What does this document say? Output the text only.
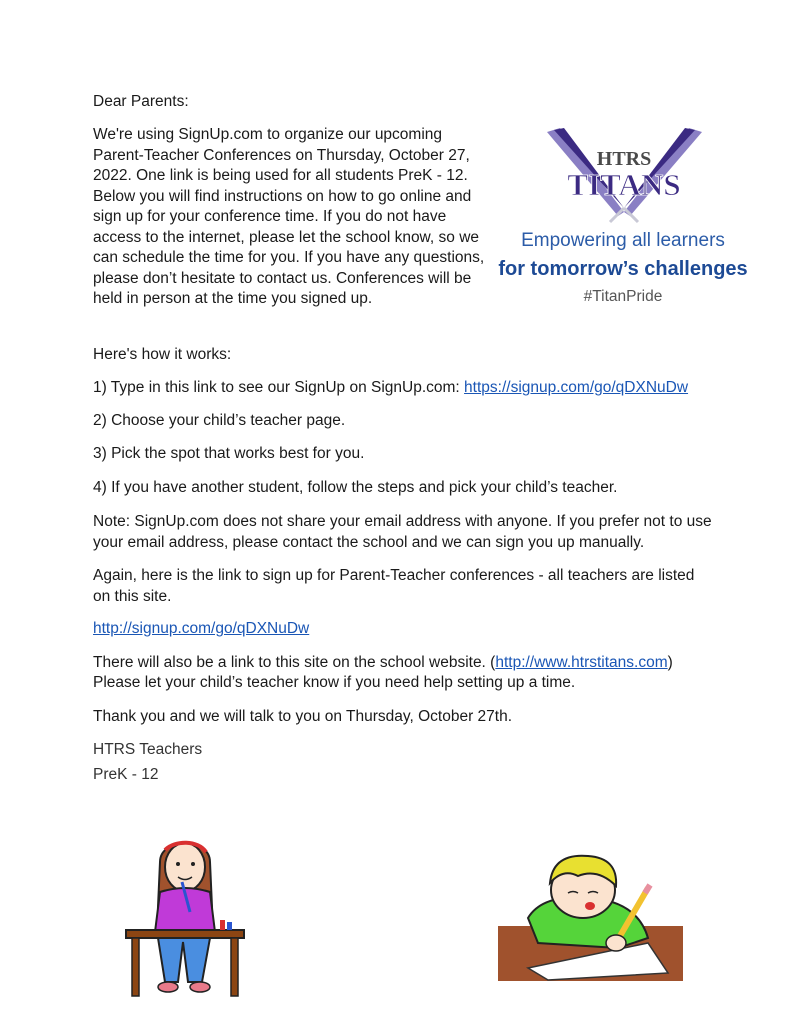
Dear Parents:

We're using SignUp.com to organize our upcoming Parent-Teacher Conferences on Thursday, October 27, 2022. One link is being used for all students PreK - 12. Below you will find instructions on how to go online and sign up for your conference time. If you do not have access to the internet, please let the school know, so we can schedule the time for you. If you have any questions, please don’t hesitate to contact us. Conferences will be held in person at the time you signed up.

HTRS
TITANS

Empowering all learners

for tomorrow’s challenges

#TitanPride

Here's how it works:

1) Type in this link to see our SignUp on SignUp.com: https://signup.com/go/qDXNuDw

2) Choose your child’s teacher page.

3) Pick the spot that works best for you.

4) If you have another student, follow the steps and pick your child’s teacher.

Note: SignUp.com does not share your email address with anyone. If you prefer not to use your email address, please contact the school and we can sign you up manually.

Again, here is the link to sign up for Parent-Teacher conferences - all teachers are listed on this site.

http://signup.com/go/qDXNuDw

There will also be a link to this site on the school website. (http://www.htrstitans.com)

Please let your child’s teacher know if you need help setting up a time.

Thank you and we will talk to you on Thursday, October 27th.

HTRS Teachers

PreK - 12
